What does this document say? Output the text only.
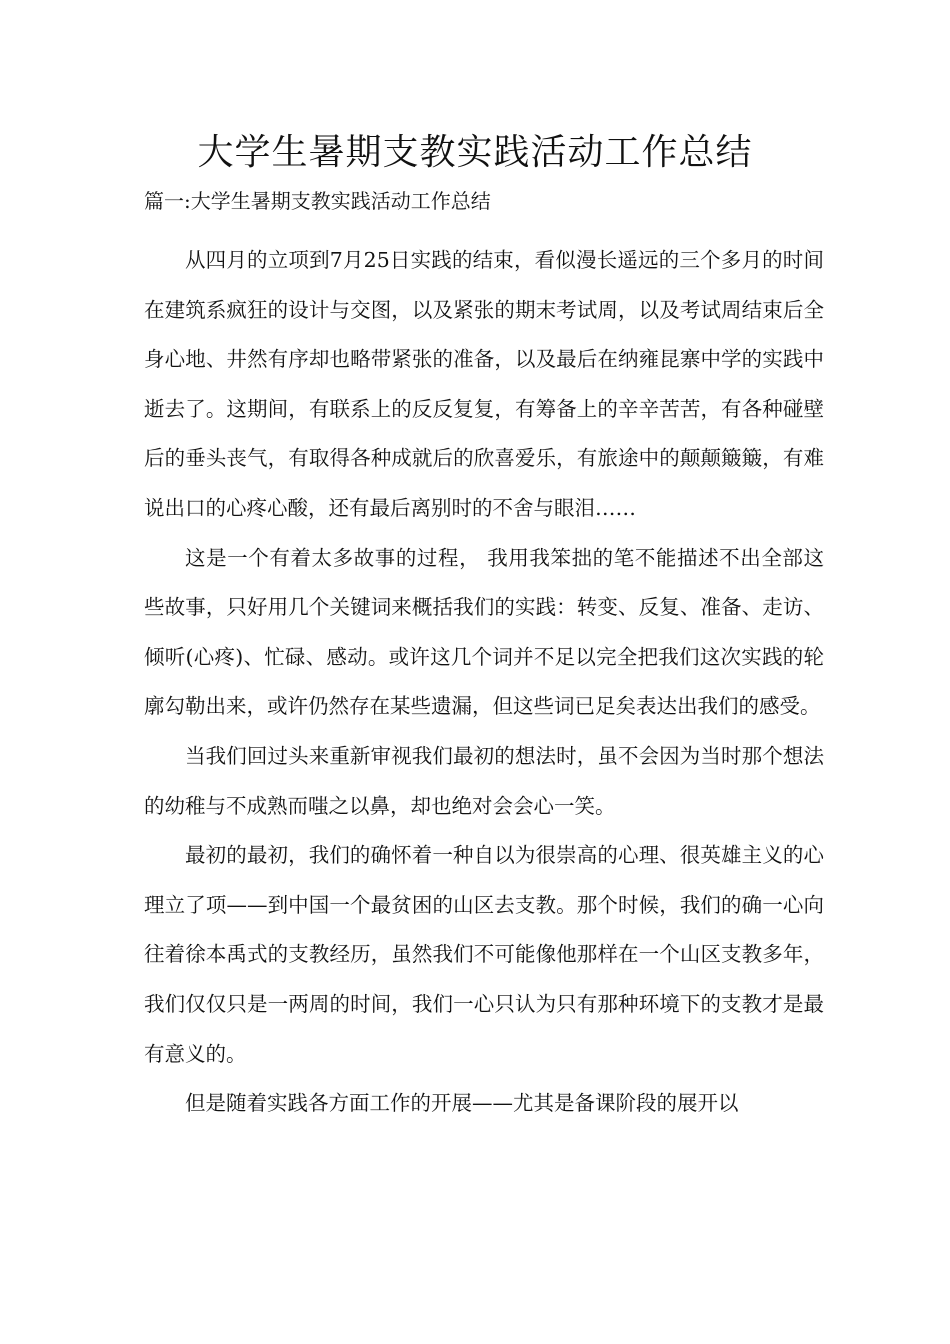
大学生暑期支教实践活动工作总结
篇一:大学生暑期支教实践活动工作总结

从四月的立项到7月25日实践的结束，看似漫长遥远的三个多月的时间在建筑系疯狂的设计与交图，以及紧张的期末考试周，以及考试周结束后全身心地、井然有序却也略带紧张的准备，以及最后在纳雍昆寨中学的实践中逝去了。这期间，有联系上的反反复复，有筹备上的辛辛苦苦，有各种碰壁后的垂头丧气，有取得各种成就后的欣喜爱乐，有旅途中的颠颠簸簸，有难说出口的心疼心酸，还有最后离别时的不舍与眼泪……

这是一个有着太多故事的过程， 我用我笨拙的笔不能描述不出全部这些故事，只好用几个关键词来概括我们的实践：转变、反复、准备、走访、倾听(心疼)、忙碌、感动。或许这几个词并不足以完全把我们这次实践的轮廓勾勒出来，或许仍然存在某些遗漏，但这些词已足矣表达出我们的感受。

当我们回过头来重新审视我们最初的想法时，虽不会因为当时那个想法的幼稚与不成熟而嗤之以鼻，却也绝对会会心一笑。

最初的最初，我们的确怀着一种自以为很崇高的心理、很英雄主义的心理立了项——到中国一个最贫困的山区去支教。那个时候，我们的确一心向往着徐本禹式的支教经历，虽然我们不可能像他那样在一个山区支教多年，我们仅仅只是一两周的时间，我们一心只认为只有那种环境下的支教才是最有意义的。

但是随着实践各方面工作的开展——尤其是备课阶段的展开以
